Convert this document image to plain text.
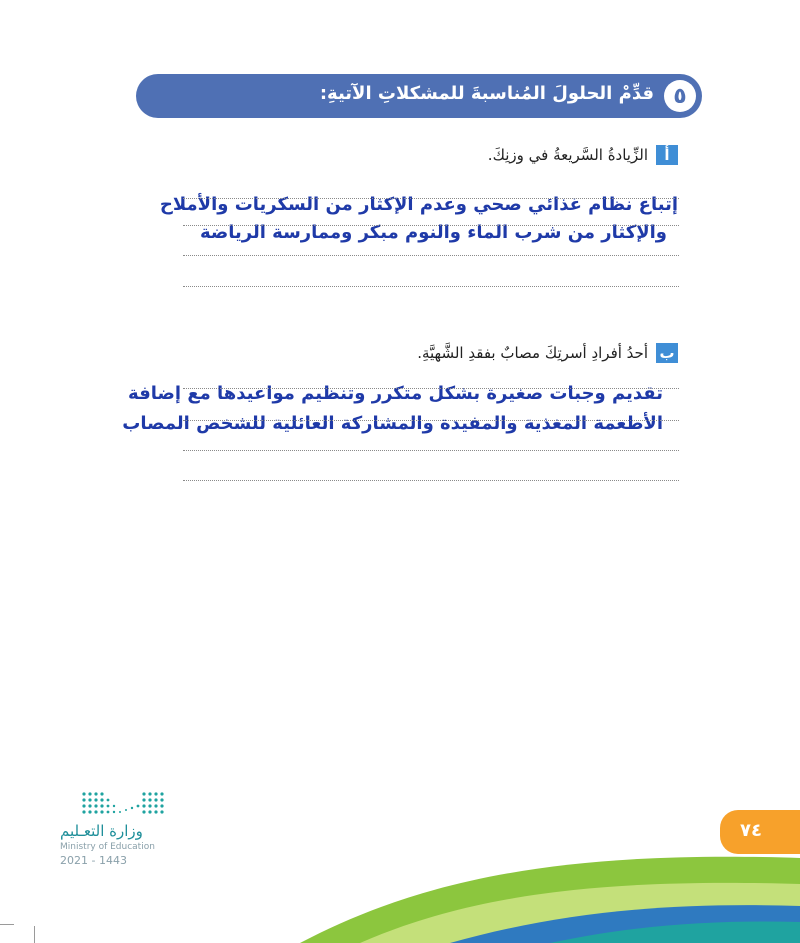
٥
قدِّمْ الحلولَ المُناسبةَ للمشكلاتِ الآتيةِ:
أ
الزِّيادةُ السَّريعةُ في وزنِكَ.
إتباع نظام غذائي صحي وعدم الإكثار من السكريات والأملاح
والإكثار من شرب الماء والنوم مبكر وممارسة الرياضة
ب
أحدُ أفرادِ أسرتِكَ مصابٌ بفقدِ الشَّهيَّةِ.
تقديم وجبات صغيرة بشكل متكرر وتنظيم مواعيدها مع إضافة
الأطعمة المغذية والمفيدة والمشاركة العائلية للشخص المصاب
وزارة التعـليم
Ministry of Education
2021 - 1443
٧٤
